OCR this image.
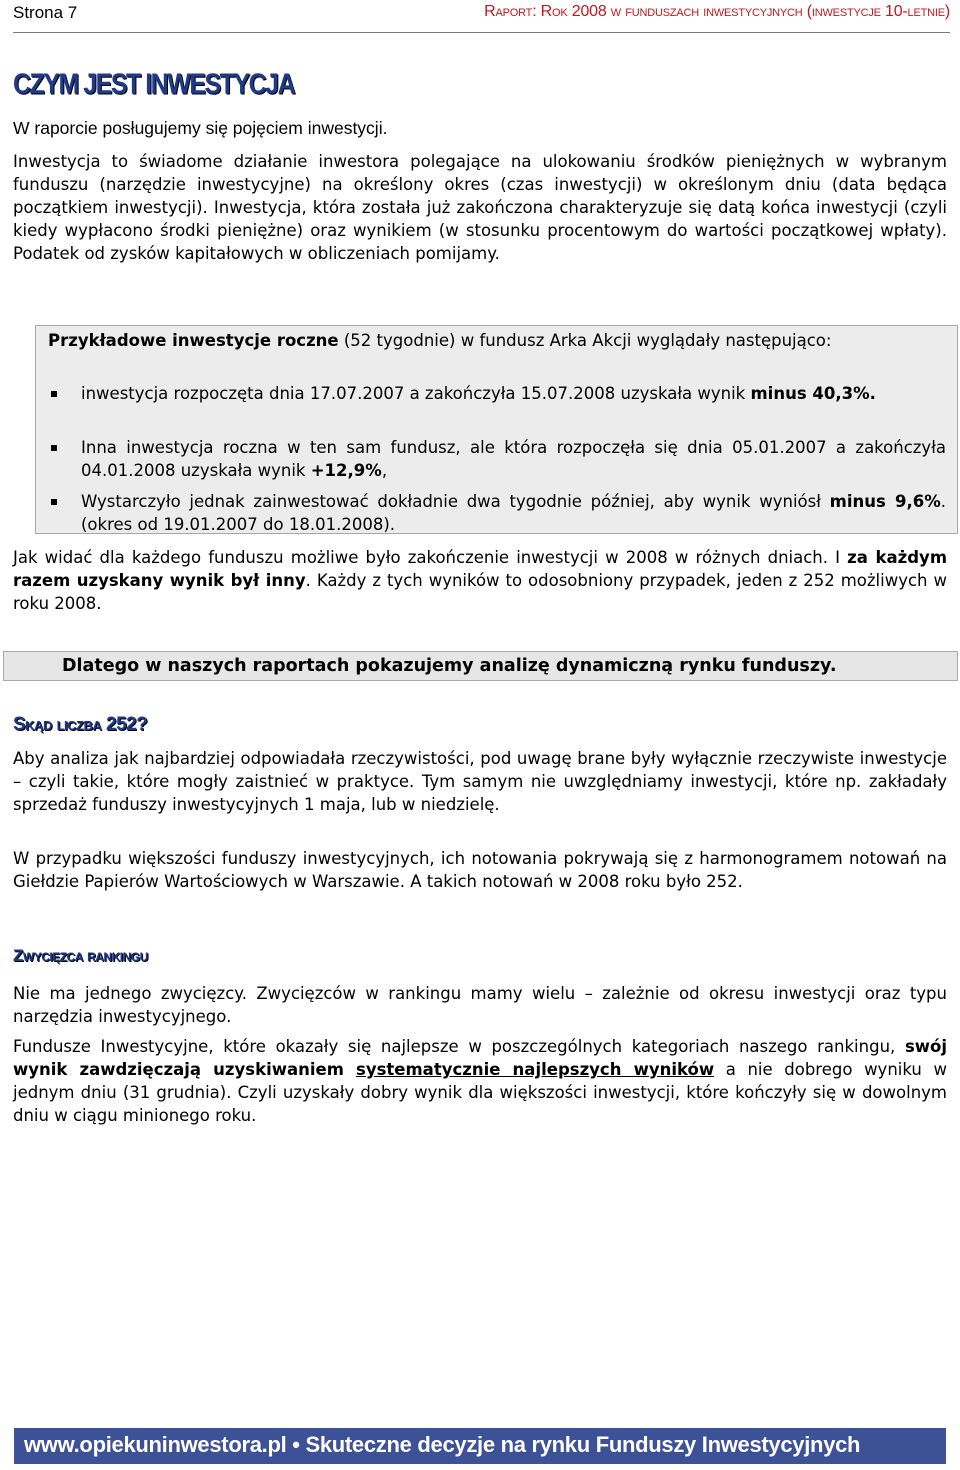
Strona 7	Raport: Rok 2008 w funduszach inwestycyjnych (inwestycje 10-letnie)
CZYM JEST INWESTYCJA
W raporcie posługujemy się pojęciem inwestycji.

Inwestycja to świadome działanie inwestora polegające na ulokowaniu środków pieniężnych w wybranym funduszu (narzędzie inwestycyjne) na określony okres (czas inwestycji) w określonym dniu (data będąca początkiem inwestycji). Inwestycja, która została już zakończona charakteryzuje się datą końca inwestycji (czyli kiedy wypłacono środki pieniężne) oraz wynikiem (w stosunku procentowym do wartości początkowej wpłaty). Podatek od zysków kapitałowych w obliczeniach pomijamy.

Przykładowe inwestycje roczne (52 tygodnie) w fundusz Arka Akcji wyglądały następująco:

inwestycja rozpoczęta dnia 17.07.2007 a zakończyła 15.07.2008 uzyskała wynik minus 40,3%.

Inna inwestycja roczna w ten sam fundusz, ale która rozpoczęła się dnia 05.01.2007 a zakończyła 04.01.2008 uzyskała wynik +12,9%,

Wystarczyło jednak zainwestować dokładnie dwa tygodnie później, aby wynik wyniósł minus 9,6%. (okres od 19.01.2007 do 18.01.2008).

Jak widać dla każdego funduszu możliwe było zakończenie inwestycji w 2008 w różnych dniach. I za każdym razem uzyskany wynik był inny. Każdy z tych wyników to odosobniony przypadek, jeden z 252 możliwych w roku 2008.

Dlatego w naszych raportach pokazujemy analizę dynamiczną rynku funduszy.
Skąd liczba 252?

Aby analiza jak najbardziej odpowiadała rzeczywistości, pod uwagę brane były wyłącznie rzeczywiste inwestycje – czyli takie, które mogły zaistnieć w praktyce. Tym samym nie uwzględniamy inwestycji, które np. zakładały sprzedaż funduszy inwestycyjnych 1 maja, lub w niedzielę.

W przypadku większości funduszy inwestycyjnych, ich notowania pokrywają się z harmonogramem notowań na Giełdzie Papierów Wartościowych w Warszawie. A takich notowań w 2008 roku było 252.

Zwycięzca rankingu

Nie ma jednego zwycięzcy. Zwycięzców w rankingu mamy wielu – zależnie od okresu inwestycji oraz typu narzędzia inwestycyjnego.

Fundusze Inwestycyjne, które okazały się najlepsze w poszczególnych kategoriach naszego rankingu, swój wynik zawdzięczają uzyskiwaniem systematycznie najlepszych wyników a nie dobrego wyniku w jednym dniu (31 grudnia). Czyli uzyskały dobry wynik dla większości inwestycji, które kończyły się w dowolnym dniu w ciągu minionego roku.

www.opiekuninwestora.pl • Skuteczne decyzje na rynku Funduszy Inwestycyjnych
